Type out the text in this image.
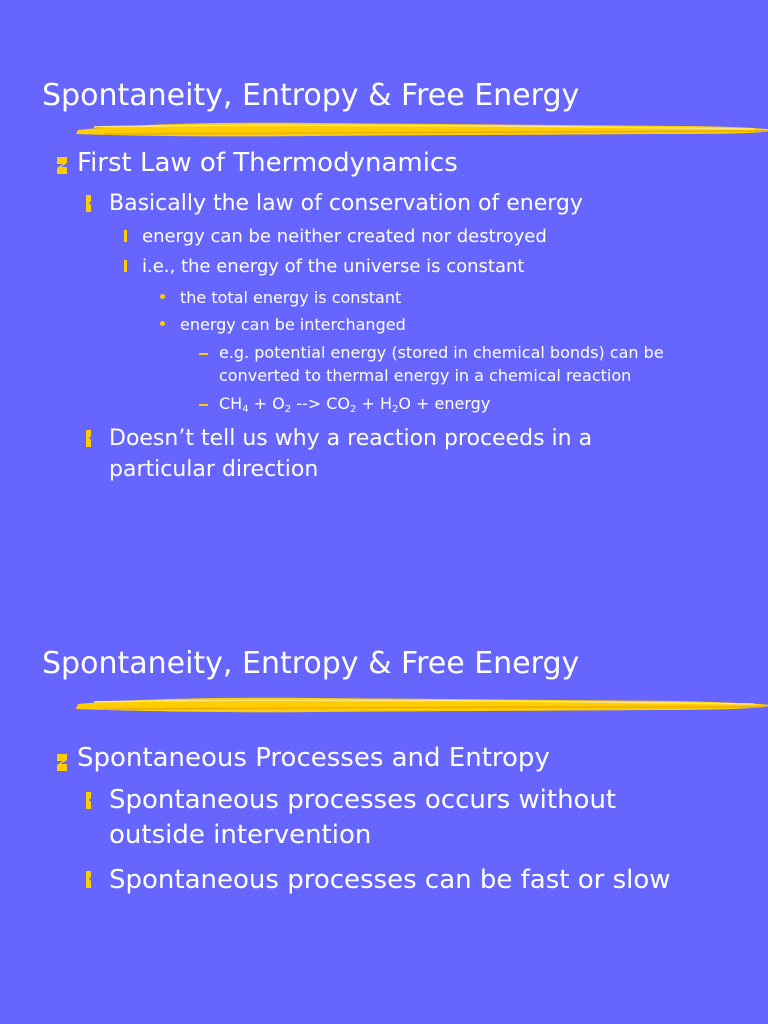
Spontaneity, Entropy & Free Energy
First Law of Thermodynamics
Basically the law of conservation of energy
energy can be neither created nor destroyed
i.e., the energy of the universe is constant
the total energy is constant
energy can be interchanged
e.g. potential energy (stored in chemical bonds) can be
converted to thermal energy in a chemical reaction
$CH_4 + O_2$ --> $CO_2 + H_2O$ + energy
Doesn’t tell us why a reaction proceeds in a
particular direction
Spontaneity, Entropy & Free Energy
Spontaneous Processes and Entropy
Spontaneous processes occurs without
outside intervention
Spontaneous processes can be fast or slow
